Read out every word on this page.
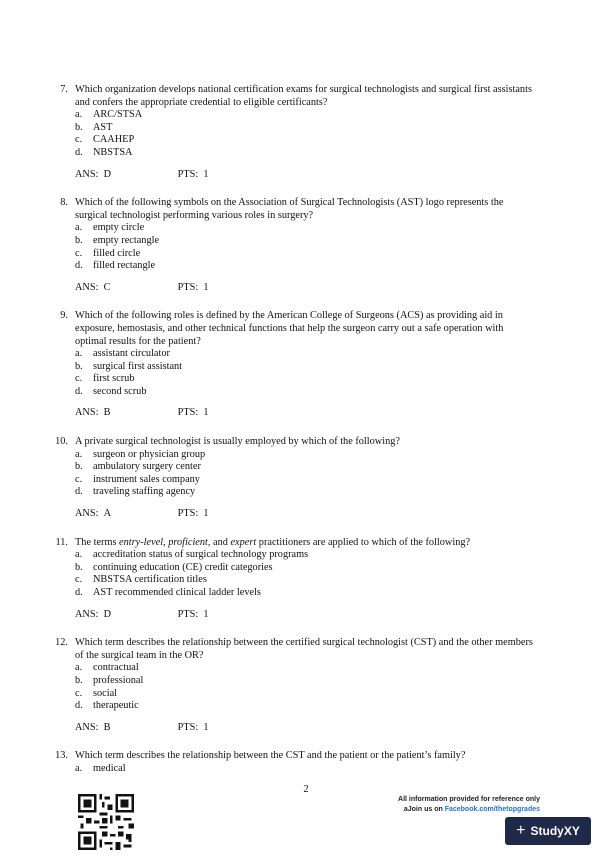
7. Which organization develops national certification exams for surgical technologists and surgical first assistants and confers the appropriate credential to eligible certificants?
a. ARC/STSA
b. AST
c. CAAHEP
d. NBSTSA
ANS: D	PTS: 1
8. Which of the following symbols on the Association of Surgical Technologists (AST) logo represents the surgical technologist performing various roles in surgery?
a. empty circle
b. empty rectangle
c. filled circle
d. filled rectangle
ANS: C	PTS: 1
9. Which of the following roles is defined by the American College of Surgeons (ACS) as providing aid in exposure, hemostasis, and other technical functions that help the surgeon carry out a safe operation with optimal results for the patient?
a. assistant circulator
b. surgical first assistant
c. first scrub
d. second scrub
ANS: B	PTS: 1
10. A private surgical technologist is usually employed by which of the following?
a. surgeon or physician group
b. ambulatory surgery center
c. instrument sales company
d. traveling staffing agency
ANS: A	PTS: 1
11. The terms entry-level, proficient, and expert practitioners are applied to which of the following?
a. accreditation status of surgical technology programs
b. continuing education (CE) credit categories
c. NBSTSA certification titles
d. AST recommended clinical ladder levels
ANS: D	PTS: 1
12. Which term describes the relationship between the certified surgical technologist (CST) and the other members of the surgical team in the OR?
a. contractual
b. professional
c. social
d. therapeutic
ANS: B	PTS: 1
13. Which term describes the relationship between the CST and the patient or the patient’s family?
a. medical
2
All information provided for reference only
aJoin us on Facebook.com/thetopgrades
+ StudyXY
